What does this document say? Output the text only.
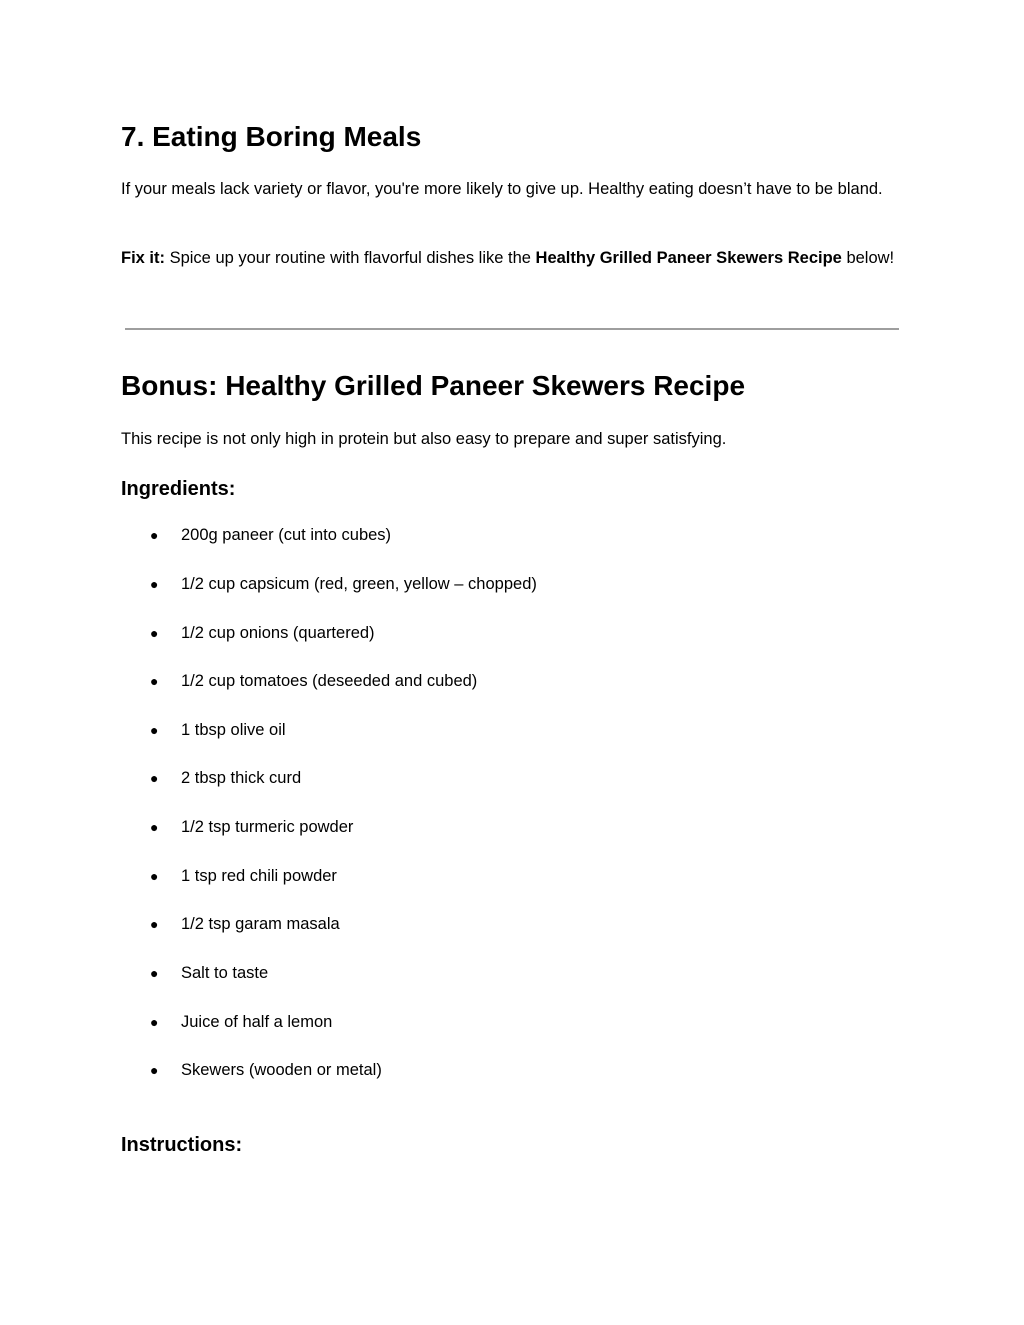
7. Eating Boring Meals

If your meals lack variety or flavor, you're more likely to give up. Healthy eating doesn’t have to be bland.

Fix it: Spice up your routine with flavorful dishes like the Healthy Grilled Paneer Skewers Recipe below!

Bonus: Healthy Grilled Paneer Skewers Recipe

This recipe is not only high in protein but also easy to prepare and super satisfying.

Ingredients:
● 200g paneer (cut into cubes)
● 1/2 cup capsicum (red, green, yellow – chopped)
● 1/2 cup onions (quartered)
● 1/2 cup tomatoes (deseeded and cubed)
● 1 tbsp olive oil
● 2 tbsp thick curd
● 1/2 tsp turmeric powder
● 1 tsp red chili powder
● 1/2 tsp garam masala
● Salt to taste
● Juice of half a lemon
● Skewers (wooden or metal)
Instructions:
